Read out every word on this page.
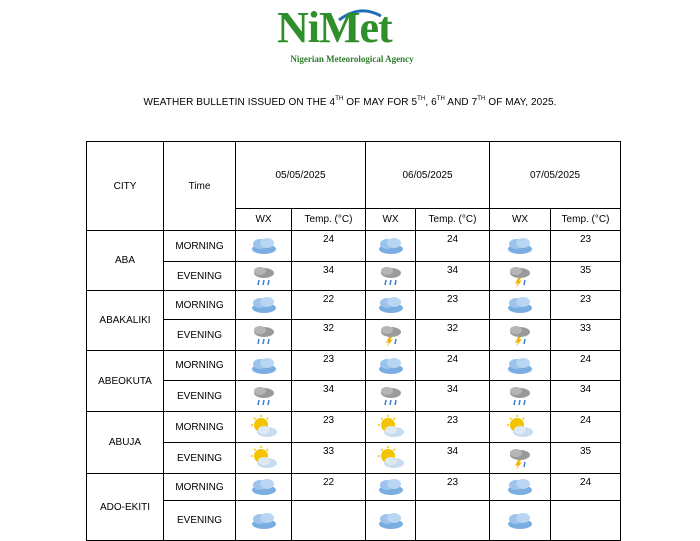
NiMet
Nigerian Meteorological Agency
WEATHER BULLETIN ISSUED ON THE 4TH OF MAY FOR 5TH, 6TH AND 7TH OF MAY, 2025.
CITY	Time	05/05/2025		06/05/2025		07/05/2025	
		WX	Temp. (°C)	WX	Temp. (°C)	WX	Temp. (°C)
ABA	MORNING		24		24		23
	EVENING		34		34		35
ABAKALIKI	MORNING		22		23		23
	EVENING		32		32		33
ABEOKUTA	MORNING		23		24		24
	EVENING		34		34		34
ABUJA	MORNING		23		23		24
	EVENING		33		34		35
ADO-EKITI	MORNING		22		23		24
	EVENING						
